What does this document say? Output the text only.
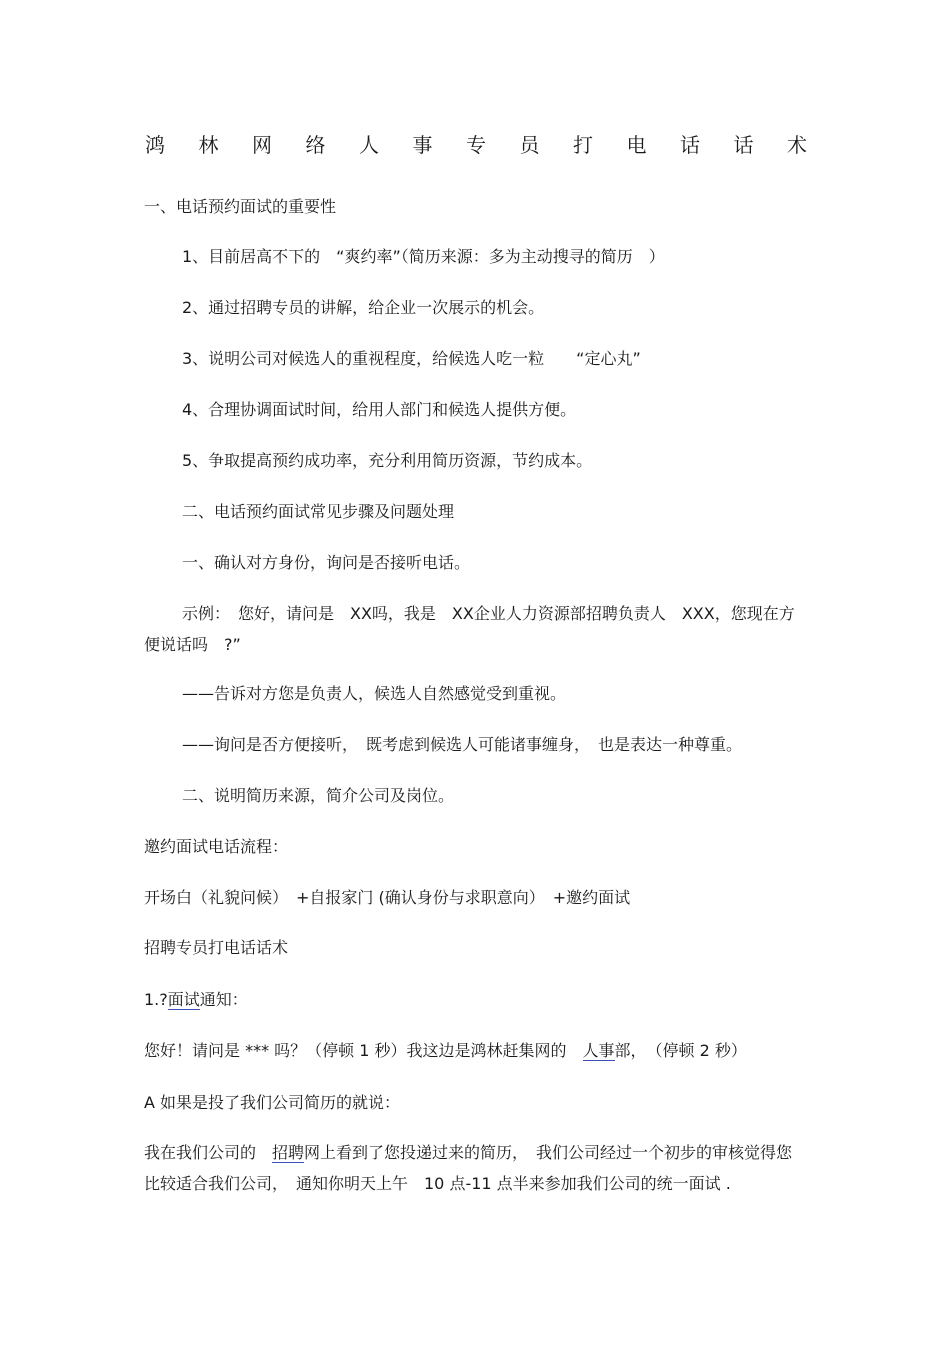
鸿 林 网 络 人 事 专 员 打 电 话 话 术
一、电话预约面试的重要性
1、目前居高不下的　“爽约率”（简历来源：多为主动搜寻的简历　）
2、通过招聘专员的讲解，给企业一次展示的机会。
3、说明公司对候选人的重视程度，给候选人吃一粒　　“定心丸”
4、合理协调面试时间，给用人部门和候选人提供方便。
5、争取提高预约成功率，充分利用简历资源，节约成本。
二、电话预约面试常见步骤及问题处理
一、确认对方身份，询问是否接听电话。
示例：　您好，请问是　XX吗，我是　XX企业人力资源部招聘负责人　XXX，您现在方便说话吗　?”
——告诉对方您是负责人，候选人自然感觉受到重视。
——询问是否方便接听，　既考虑到候选人可能诸事缠身，　也是表达一种尊重。
二、说明简历来源，简介公司及岗位。
邀约面试电话流程：
开场白（礼貌问候）　+自报家门 (确认身份与求职意向）　+邀约面试
招聘专员打电话话术
1.?面试通知：
您好！请问是 *** 吗？（停顿 1 秒）我这边是鸿林赶集网的　人事部，　（停顿 2 秒）
A 如果是投了我们公司简历的就说：
我在我们公司的　招聘网上看到了您投递过来的简历，　我们公司经过一个初步的审核觉得您比较适合我们公司，　通知你明天上午　10 点-11 点半来参加我们公司的统一面试 .
